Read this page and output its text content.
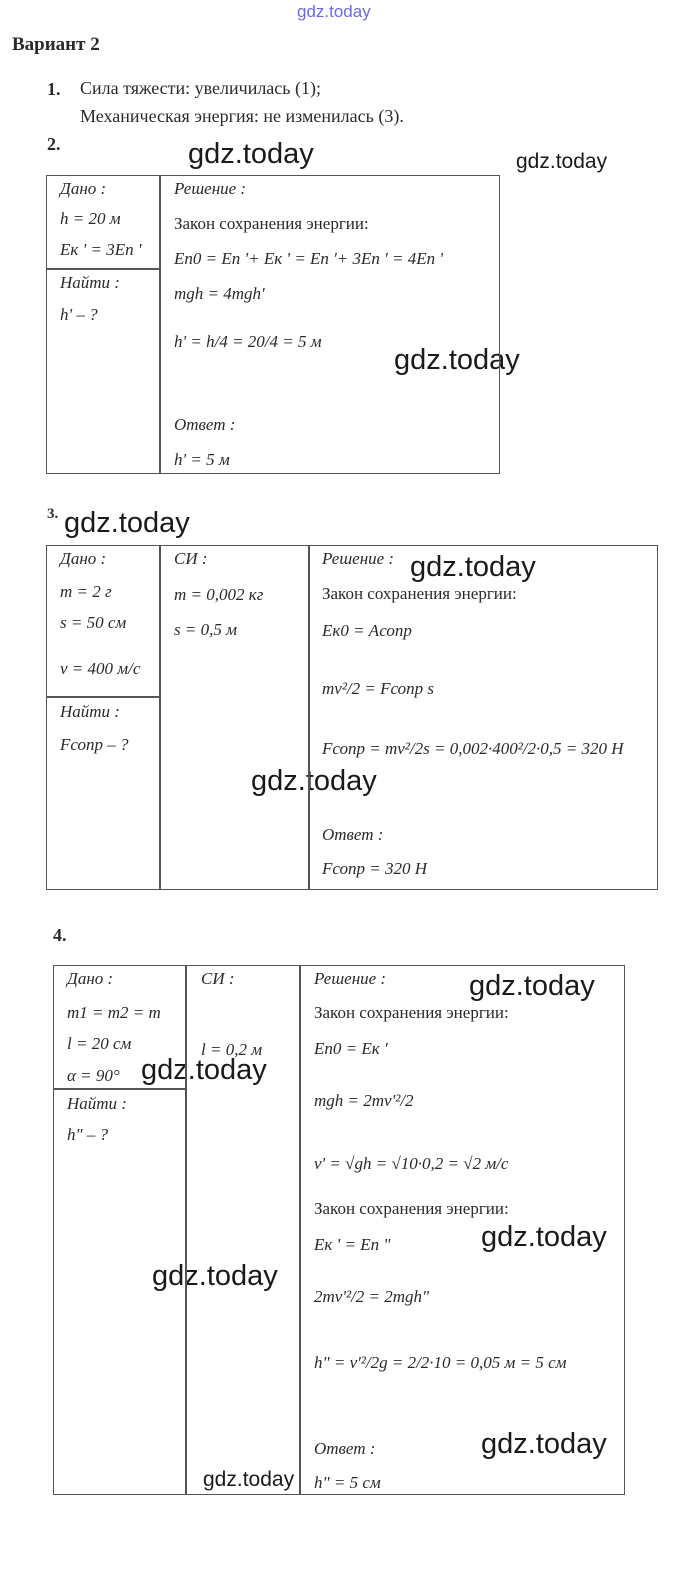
gdz.today
gdz.today	gdz.today
gdz.today
gdz.today
gdz.today
gdz.today
gdz.today
gdz.today
gdz.today
gdz.today
gdz.today
gdz.today
Вариант 2
1. Сила тяжести: увеличилась (1);
Механическая энергия: не изменилась (3).
2.
Дано :
h = 20 м
Eк ' = 3Eп '
Найти :
h' – ?
Решение :
Закон сохранения энергии:
Eп0 = Eп '+ Eк ' = Eп '+ 3Eп ' = 4Eп '
mgh = 4mgh'
h' = h/4 = 20/4 = 5 м
Ответ :
h' = 5 м
3.
Дано :
m = 2 г
s = 50 см
v = 400 м/с
Найти :
Fсопр – ?
СИ :
m = 0,002 кг
s = 0,5 м
Решение :
Закон сохранения энергии:
Eк0 = Aсопр
mv²/2 = Fсопр s
Fсопр = mv²/2s = 0,002·400²/2·0,5 = 320 Н
Ответ :
Fсопр = 320 Н
4.
Дано :
m1 = m2 = m
l = 20 см
α = 90°
Найти :
h" – ?
СИ :
l = 0,2 м
Решение :
Закон сохранения энергии:
Eп0 = Eк '
mgh = 2mv'²/2
v' = √gh = √10·0,2 = √2 м/с
Закон сохранения энергии:
Eк ' = Eп "
2mv'²/2 = 2mgh"
h" = v'²/2g = 2/2·10 = 0,05 м = 5 см
Ответ :
h" = 5 см
